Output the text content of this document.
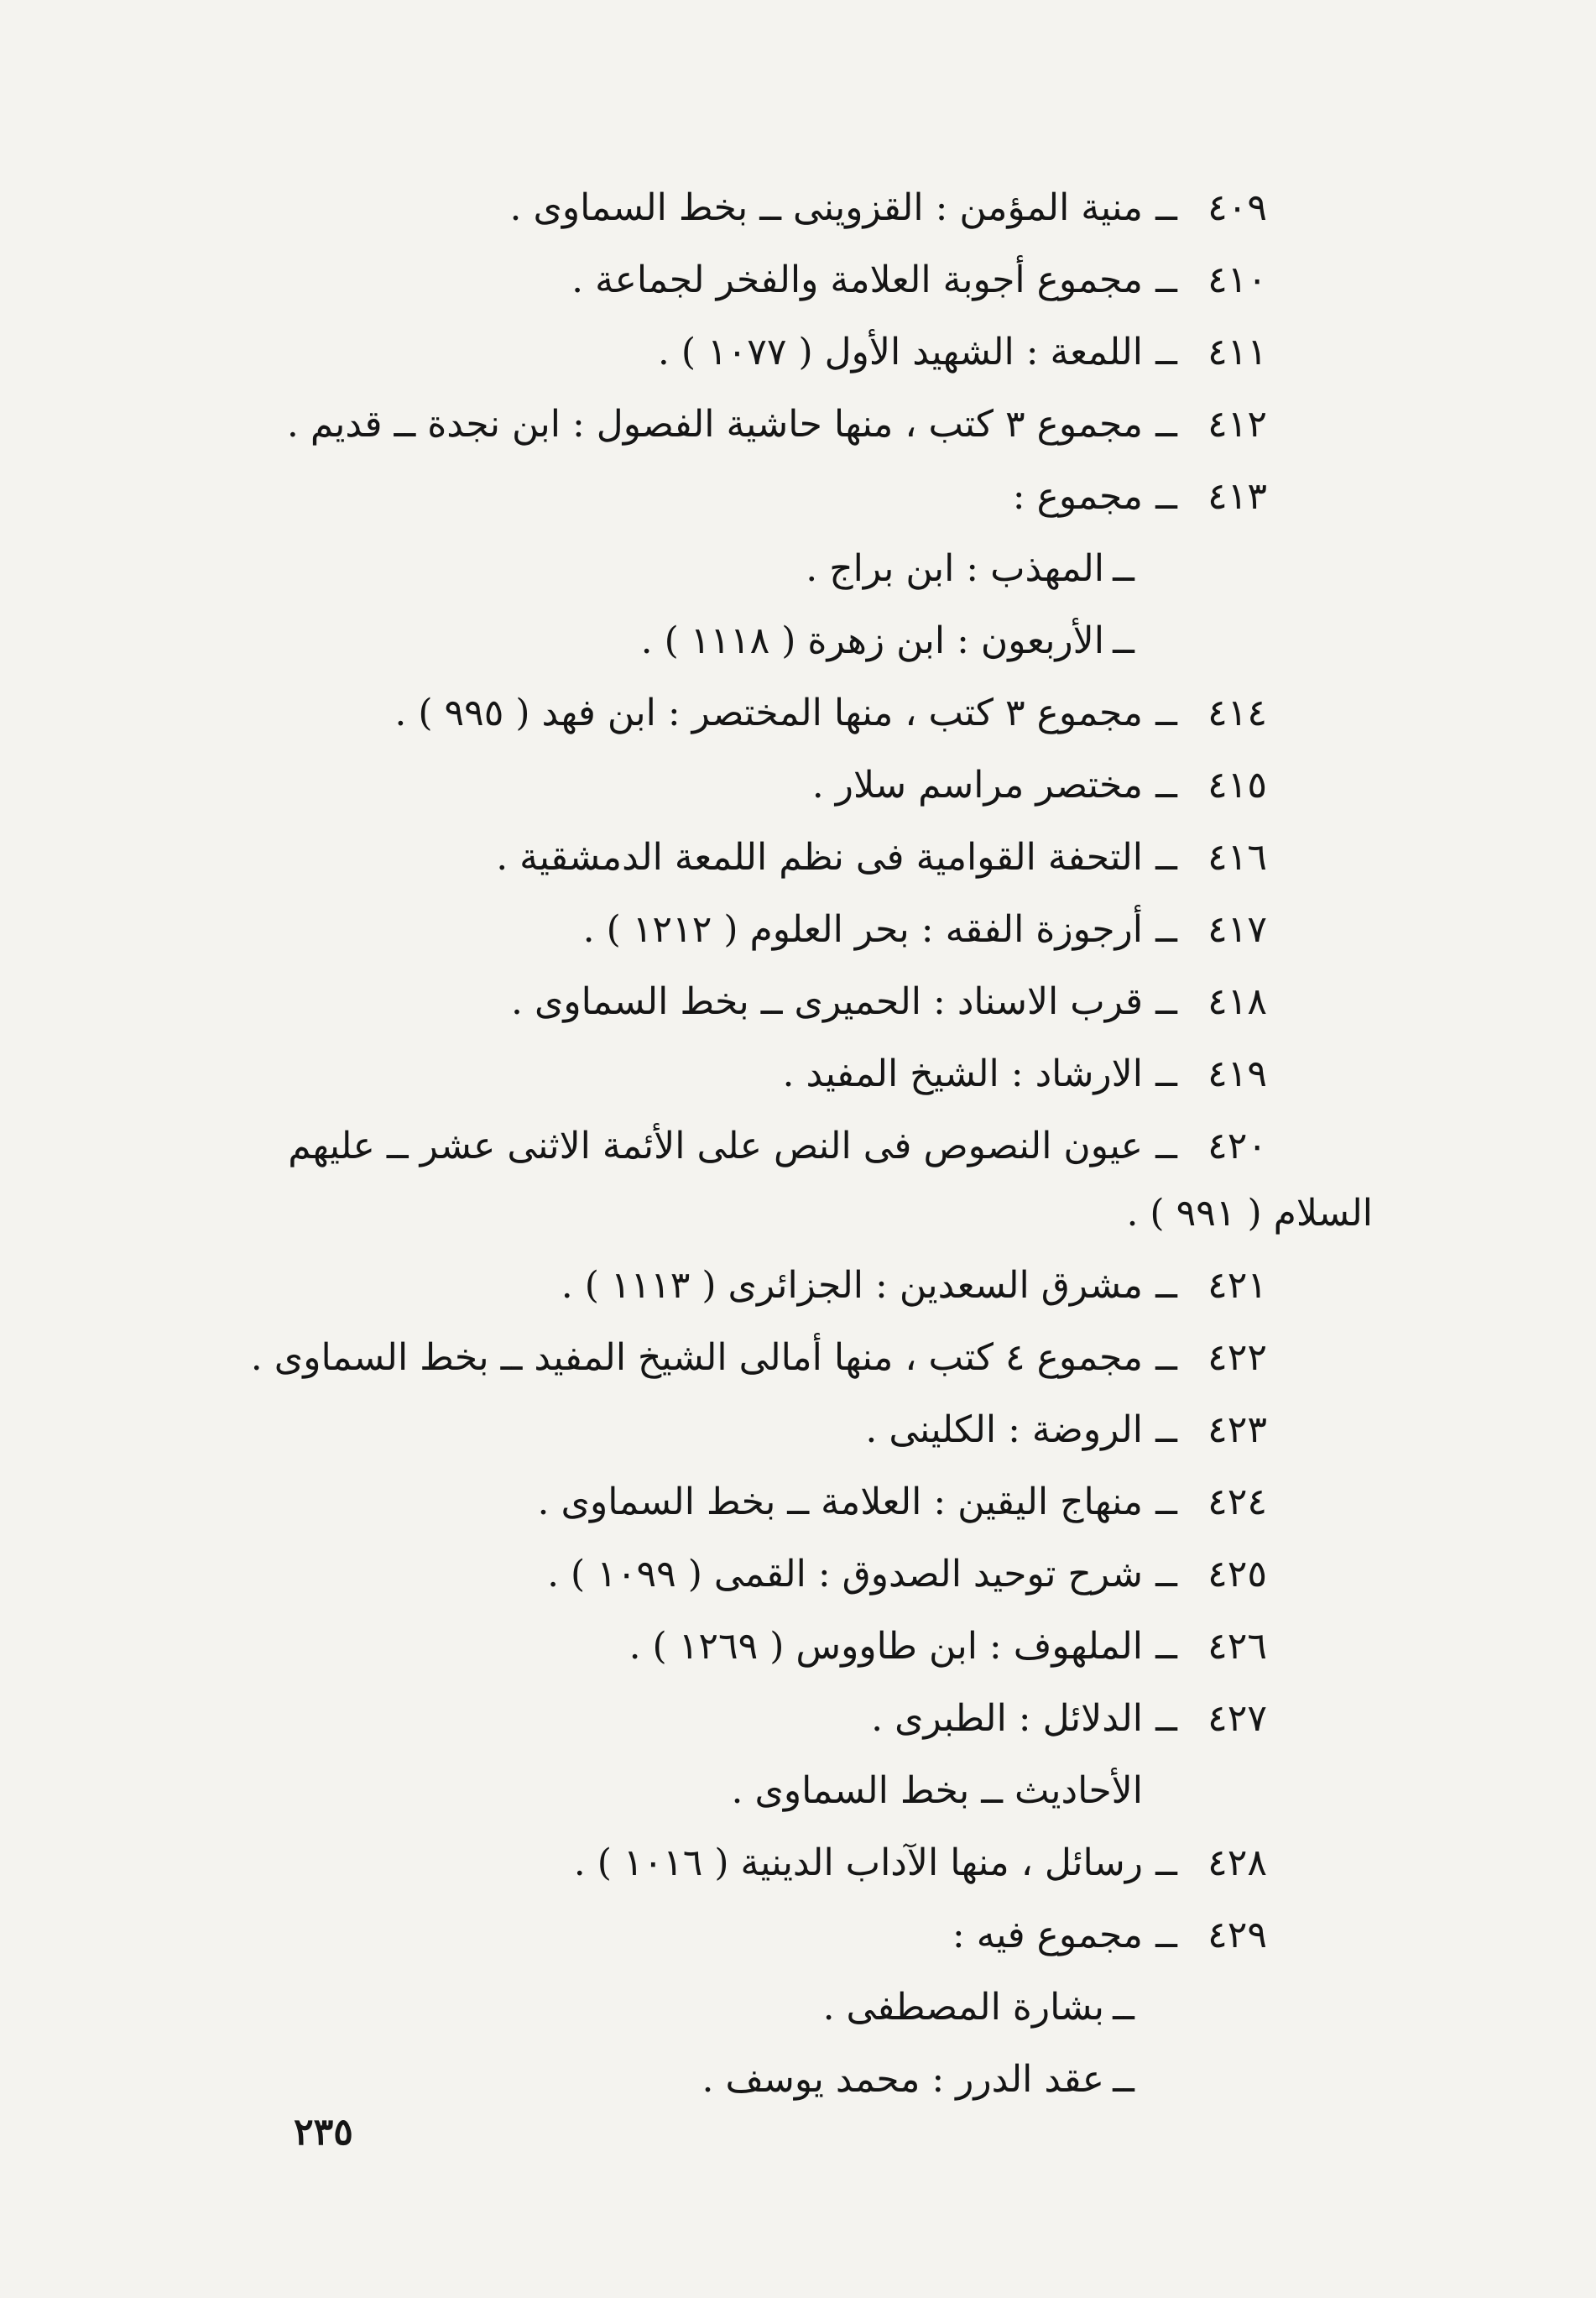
٤٠٩
ــ
منية المؤمن : القزوينى ــ بخط السماوى .
٤١٠
ــ
مجموع أجوبة العلامة والفخر لجماعة .
٤١١
ــ
اللمعة : الشهيد الأول ( ١٠٧٧ ) .
٤١٢
ــ
مجموع ٣ كتب ، منها حاشية الفصول : ابن نجدة ــ قديم .
٤١٣
ــ
مجموع :
ــ
المهذب : ابن براج .
ــ
الأربعون : ابن زهرة ( ١١١٨ ) .
٤١٤
ــ
مجموع ٣ كتب ، منها المختصر : ابن فهد ( ٩٩٥ ) .
٤١٥
ــ
مختصر مراسم سلار .
٤١٦
ــ
التحفة القوامية فى نظم اللمعة الدمشقية .
٤١٧
ــ
أرجوزة الفقه : بحر العلوم ( ١٢١٢ ) .
٤١٨
ــ
قرب الاسناد : الحميرى ــ بخط السماوى .
٤١٩
ــ
الارشاد : الشيخ المفيد .
٤٢٠
ــ
عيون النصوص فى النص على الأئمة الاثنى عشر ــ عليهم
السلام ( ٩٩١ ) .
٤٢١
ــ
مشرق السعدين : الجزائرى ( ١١١٣ ) .
٤٢٢
ــ
مجموع ٤ كتب ، منها أمالى الشيخ المفيد ــ بخط السماوى .
٤٢٣
ــ
الروضة : الكلينى .
٤٢٤
ــ
منهاج اليقين : العلامة ــ بخط السماوى .
٤٢٥
ــ
شرح توحيد الصدوق : القمى ( ١٠٩٩ ) .
٤٢٦
ــ
الملهوف : ابن طاووس ( ١٢٦٩ ) .
٤٢٧
ــ
الدلائل : الطبرى .
الأحاديث ــ بخط السماوى .
٤٢٨
ــ
رسائل ، منها الآداب الدينية ( ١٠١٦ ) .
٤٢٩
ــ
مجموع فيه :
ــ
بشارة المصطفى .
ــ
عقد الدرر : محمد يوسف .
٢٣٥
